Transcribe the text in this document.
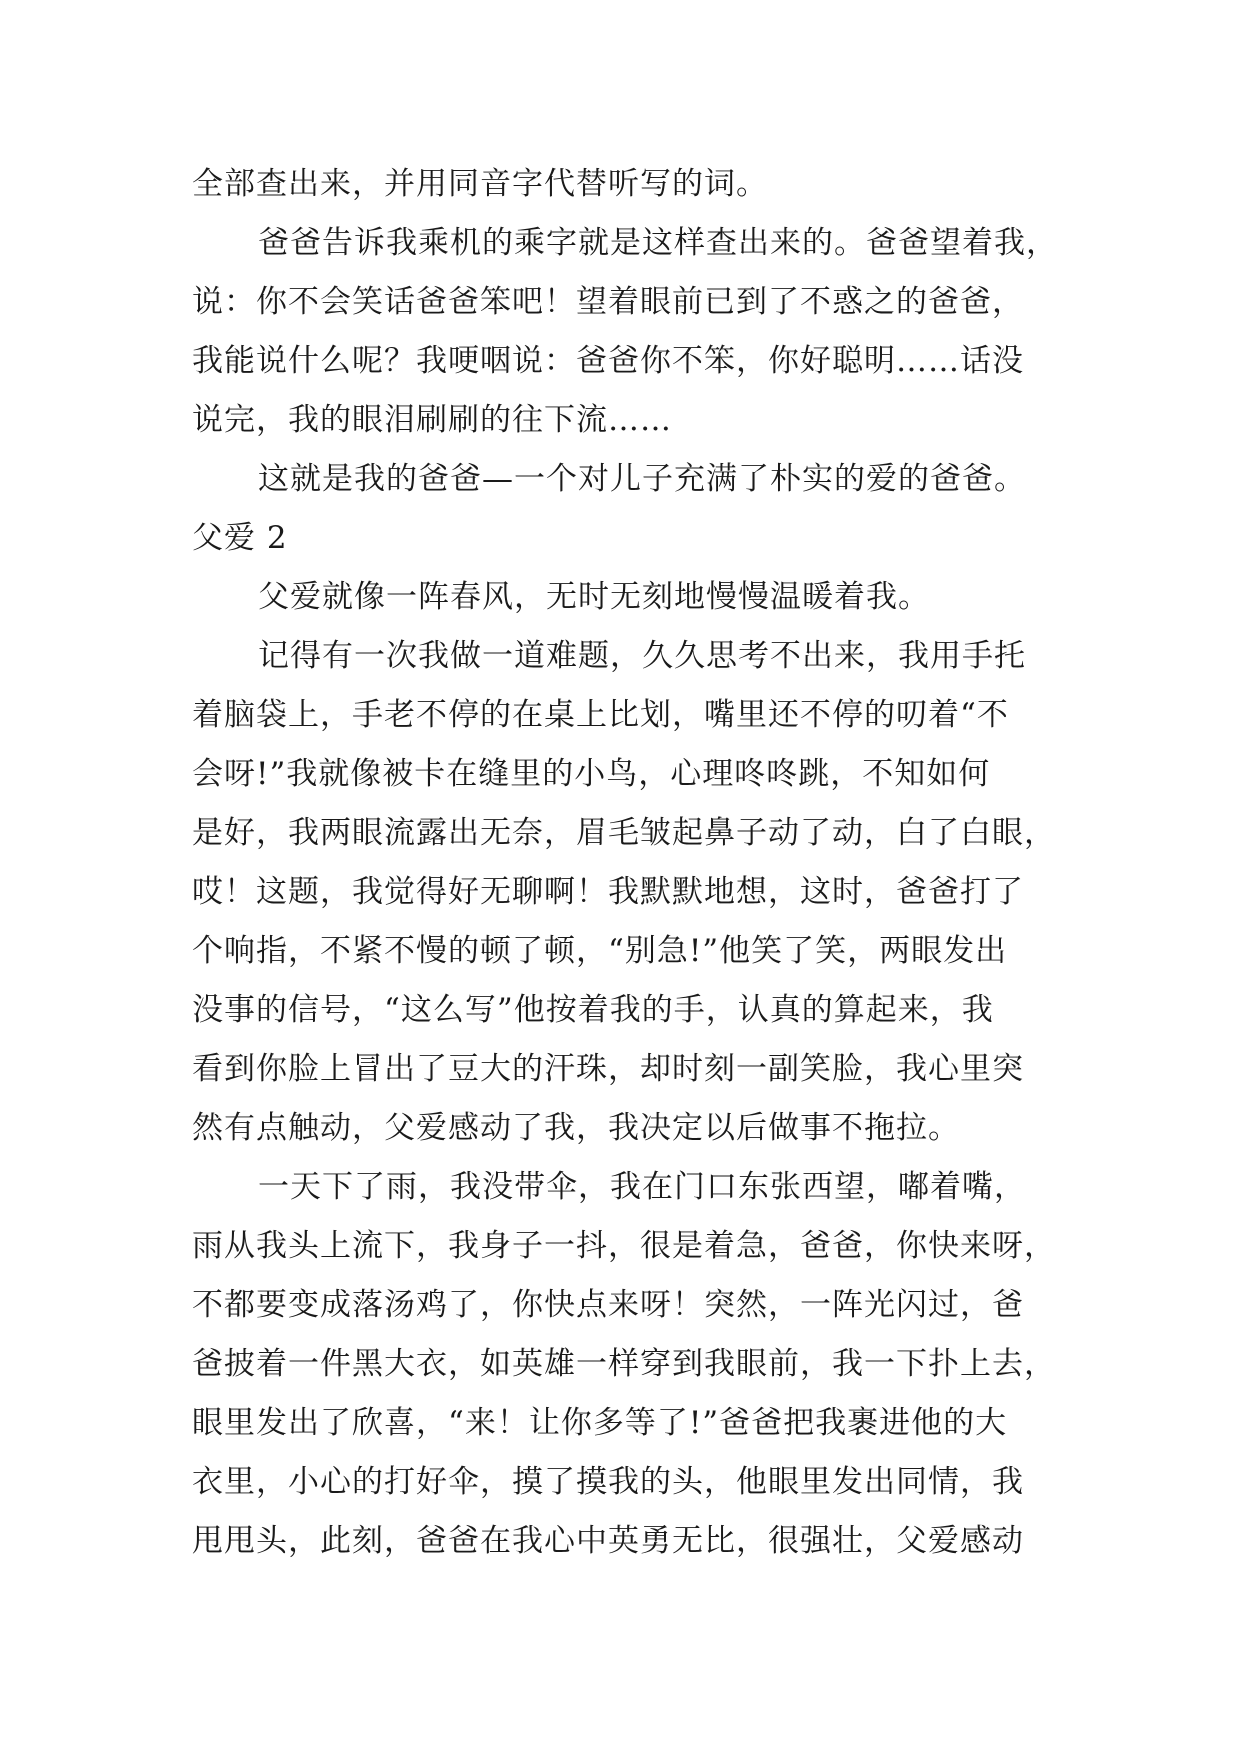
全部查出来，并用同音字代替听写的词。
爸爸告诉我乘机的乘字就是这样查出来的。爸爸望着我，
说：你不会笑话爸爸笨吧！望着眼前已到了不惑之的爸爸，
我能说什么呢？我哽咽说：爸爸你不笨，你好聪明……话没
说完，我的眼泪刷刷的往下流……
这就是我的爸爸—一个对儿子充满了朴实的爱的爸爸。
父爱 2
父爱就像一阵春风，无时无刻地慢慢温暖着我。
记得有一次我做一道难题，久久思考不出来，我用手托
着脑袋上，手老不停的在桌上比划，嘴里还不停的叨着“不
会呀!”我就像被卡在缝里的小鸟，心理咚咚跳，不知如何
是好，我两眼流露出无奈，眉毛皱起鼻子动了动，白了白眼，
哎！这题，我觉得好无聊啊！我默默地想，这时，爸爸打了
个响指，不紧不慢的顿了顿，“别急!”他笑了笑，两眼发出
没事的信号，“这么写”他按着我的手，认真的算起来，我
看到你脸上冒出了豆大的汗珠，却时刻一副笑脸，我心里突
然有点触动，父爱感动了我，我决定以后做事不拖拉。
一天下了雨，我没带伞，我在门口东张西望，嘟着嘴，
雨从我头上流下，我身子一抖，很是着急，爸爸，你快来呀，
不都要变成落汤鸡了，你快点来呀！突然，一阵光闪过，爸
爸披着一件黑大衣，如英雄一样穿到我眼前，我一下扑上去，
眼里发出了欣喜，“来！让你多等了!”爸爸把我裹进他的大
衣里，小心的打好伞，摸了摸我的头，他眼里发出同情，我
甩甩头，此刻，爸爸在我心中英勇无比，很强壮，父爱感动
